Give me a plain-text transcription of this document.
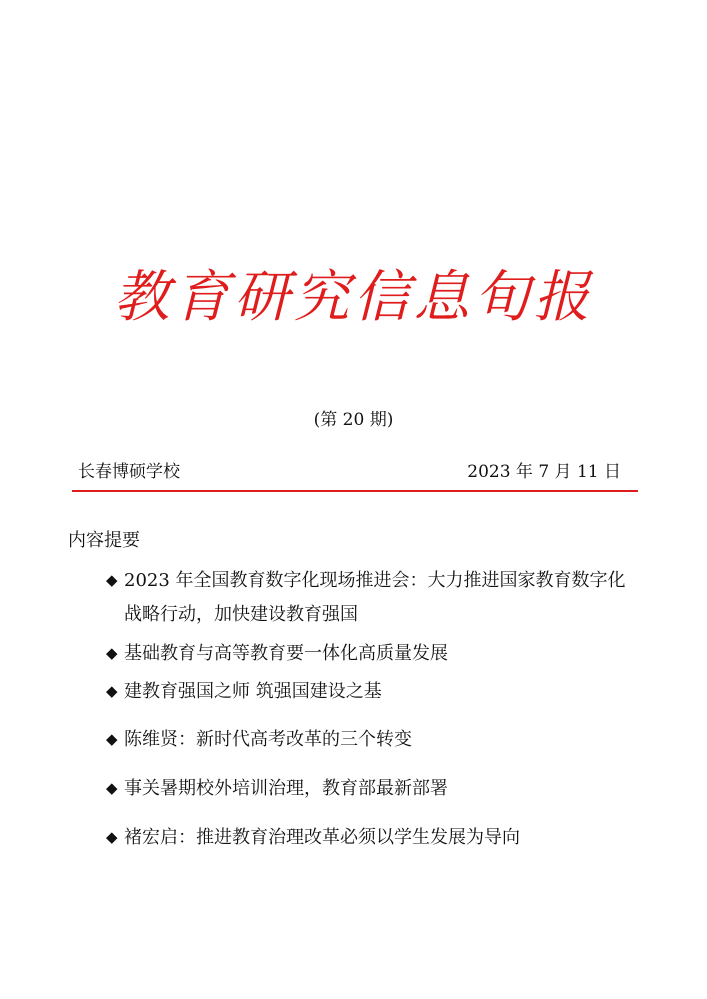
教育研究信息旬报
(第 20 期)
长春博硕学校	2023 年 7 月 11 日
内容提要
◆ 2023 年全国教育数字化现场推进会：大力推进国家教育数字化
战略行动，加快建设教育强国
◆ 基础教育与高等教育要一体化高质量发展
◆ 建教育强国之师 筑强国建设之基
◆ 陈维贤：新时代高考改革的三个转变
◆ 事关暑期校外培训治理，教育部最新部署
◆ 褚宏启：推进教育治理改革必须以学生发展为导向
